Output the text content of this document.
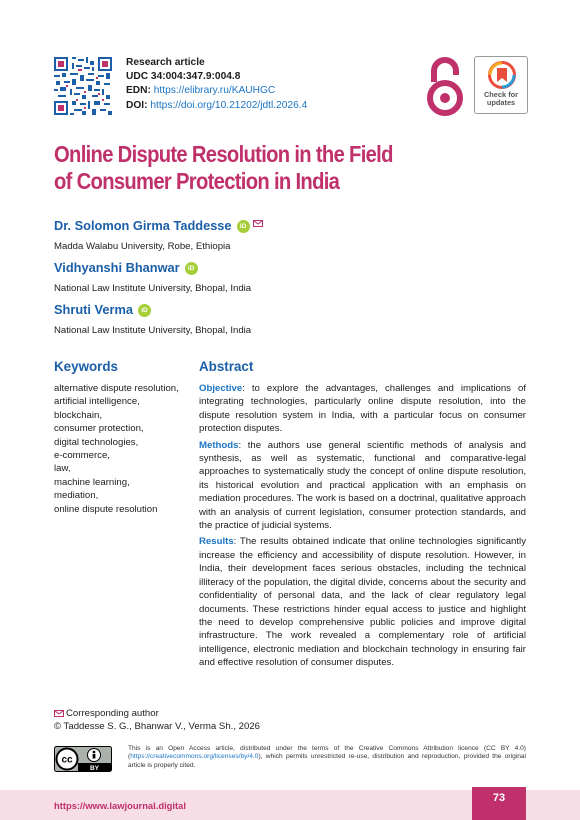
Research article
UDC 34:004:347.9:004.8
EDN: https://elibrary.ru/KAUHGC
DOI: https://doi.org/10.21202/jdtl.2026.4
Check for
updates
Online Dispute Resolution in the Field
of Consumer Protection in India
Dr. Solomon Girma Taddesse	iD
Madda Walabu University, Robe, Ethiopia
Vidhyanshi Bhanwar	iD
National Law Institute University, Bhopal, India
Shruti Verma	iD
National Law Institute University, Bhopal, India
Keywords
alternative dispute resolution,
artificial intelligence,
blockchain,
consumer protection,
digital technologies,
e-commerce,
law,
machine learning,
mediation,
online dispute resolution
Abstract

Objective: to explore the advantages, challenges and implications of integrating technologies, particularly online dispute resolution, into the dispute resolution system in India, with a particular focus on consumer protection disputes.

Methods: the authors use general scientific methods of analysis and synthesis, as well as systematic, functional and comparative-legal approaches to systematically study the concept of online dispute resolution, its historical evolution and practical application with an emphasis on mediation procedures. The work is based on a doctrinal, qualitative approach with an analysis of current legislation, consumer protection standards, and the practice of judicial systems.

Results: The results obtained indicate that online technologies significantly increase the efficiency and accessibility of dispute resolution. However, in India, their development faces serious obstacles, including the technical illiteracy of the population, the digital divide, concerns about the security and confidentiality of personal data, and the lack of clear regulatory legal documents. These restrictions hinder equal access to justice and highlight the need to develop comprehensive public policies and improve digital infrastructure. The work revealed a complementary role of artificial intelligence, electronic mediation and blockchain technology in ensuring fair and effective resolution of consumer disputes.

Corresponding author
© Taddesse S. G., Bhanwar V., Verma Sh., 2026
cc
BY
This is an Open Access article, distributed under the terms of the Creative Commons Attribution licence (CC BY 4.0) (https://creativecommons.org/licenses/by/4.0), which permits unrestricted re-use, distribution and reproduction, provided the original article is properly cited.
https://www.lawjournal.digital
73
